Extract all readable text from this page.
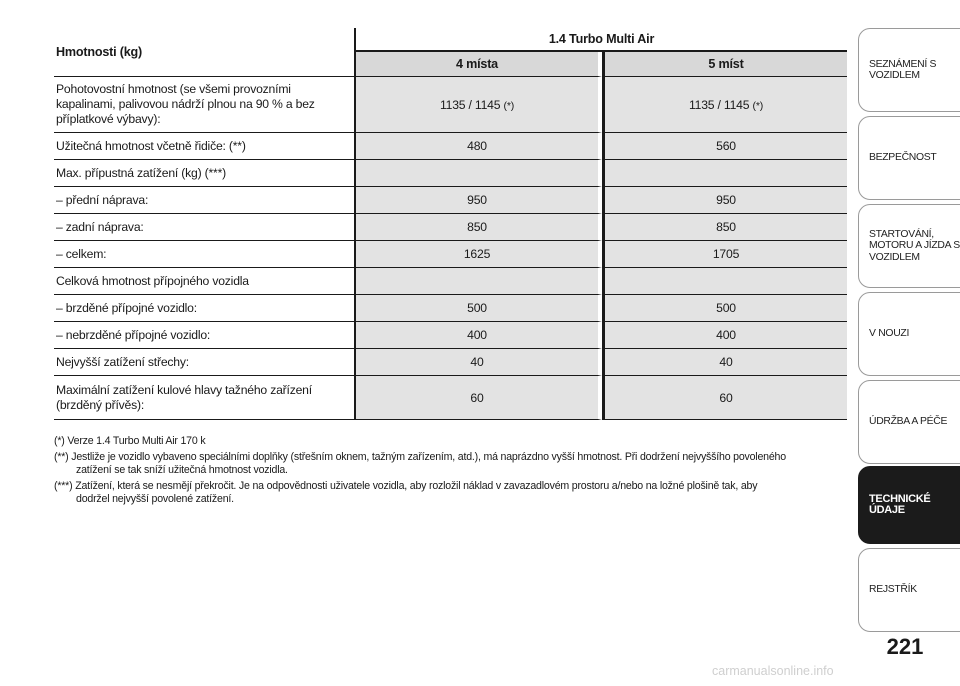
Hmotnosti (kg)	1.4 Turbo Multi Air	
	4 místa	5 míst
Pohotovostní hmotnost (se všemi provozními kapalinami, palivovou nádrží plnou na 90 % a bez příplatkové výbavy):	1135 / 1145 (*)	1135 / 1145 (*)
Užitečná hmotnost včetně řidiče: (**)	480	560
Max. přípustná zatížení (kg) (***)		
– přední náprava:	950	950
– zadní náprava:	850	850
– celkem:	1625	1705
Celková hmotnost přípojného vozidla		
– brzděné přípojné vozidlo:	500	500
– nebrzděné přípojné vozidlo:	400	400
Nejvyšší zatížení střechy:	40	40
Maximální zatížení kulové hlavy tažného zařízení (brzděný přívěs):	60	60

(*) Verze 1.4 Turbo Multi Air 170 k

(**) Jestliže je vozidlo vybaveno speciálními doplňky (střešním oknem, tažným zařízením, atd.), má naprázdno vyšší hmotnost. Při dodržení nejvyššího povoleného
zatížení se tak sníží užitečná hmotnost vozidla.

(***) Zatížení, která se nesmějí překročit. Je na odpovědnosti uživatele vozidla, aby rozložil náklad v zavazadlovém prostoru a/nebo na ložné plošině tak, aby
dodržel nejvyšší povolené zatížení.

SEZNÁMENÍ S VOZIDLEM
BEZPEČNOST
STARTOVÁNÍ, MOTORU A JÍZDA S VOZIDLEM
V NOUZI
ÚDRŽBA A PÉČE
TECHNICKÉ ÚDAJE
REJSTŘÍK
221
carmanualsonline.info
